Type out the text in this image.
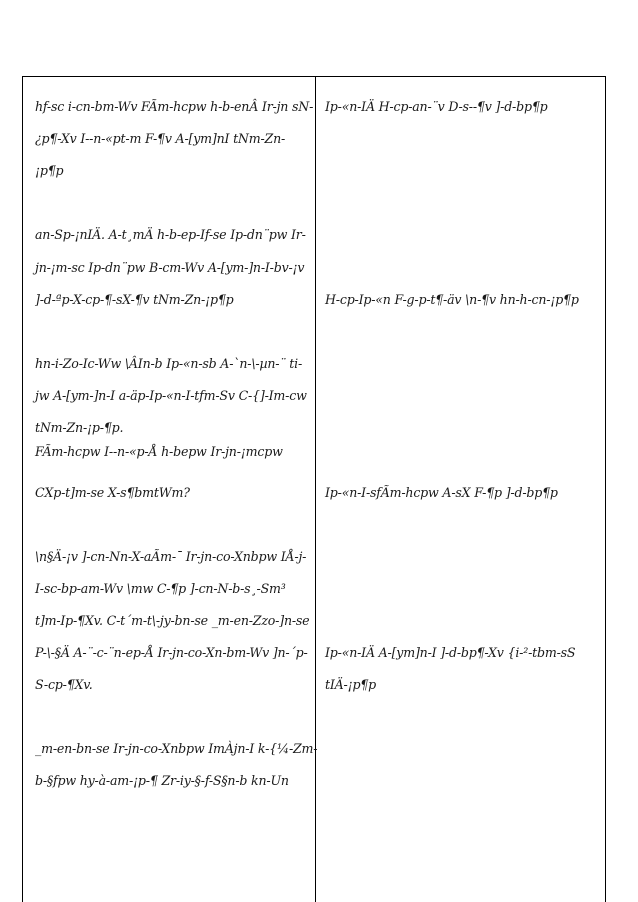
hf-sc i-cn-bm-Wv FÃm-hcpw h-b-enÂ Ir-jn sN-
¿p¶-Xv I--n-«pt-m F-¶v A-[ym]nI tNm-Zn-
¡p¶p
an-Sp-¡nIÄ. A-t¸mÄ h-b-ep-If-se Ip-dn¨pw Ir-
jn-¡m-sc Ip-dn¨pw B-cm-Wv A-[ym-]n-I-bv-¡v
]-d-ªp-X-cp-¶-sX-¶v tNm-Zn-¡p¶p
hn-i-Zo-Ic-Ww \ÂIn-b Ip-«n-sb A-`n-\-µn-¨ ti-
jw A-[ym-]n-I a-äp-Ip-«n-I-tfm-Sv C-{]-Im-cw
tNm-Zn-¡p-¶p.
FÃm-hcpw I--n-«p-Å h-bepw Ir-jn-¡mcpw
CXp-t]m-se X-s¶bmtWm?
\n§Ä-¡v ]-cn-Nn-X-aÃm-¯ Ir-jn-co-Xnbpw IÅ-j-
I-sc-bp-am-Wv \mw C-¶p ]-cn-N-b-s¸-Sm³
t]m-Ip-¶Xv. C-t´m-t\-jy-bn-se _m-en-Zzo-]n-se
P-\-§Ä A-¨-c-¨n-ep-Å Ir-jn-co-Xn-bm-Wv ]n-´p-
S-cp-¶Xv.
_m-en-bn-se Ir-jn-co-Xnbpw ImÀjn-I k-{¼-Zm-
b-§fpw hy-à-am-¡p-¶ Zr-iy-§-f-S§n-b kn-Un
Ip-«n-IÄ H-cp-an-¨v D-s--¶v ]-d-bp¶p
H-cp-Ip-«n F-g-p-t¶-äv \n-¶v hn-h-cn-¡p¶p
Ip-«n-I-sfÃm-hcpw A-sX F-¶p ]-d-bp¶p
Ip-«n-IÄ A-[ym]n-I ]-d-bp¶-Xv {i-²-tbm-sS
tIÄ-¡p¶p
